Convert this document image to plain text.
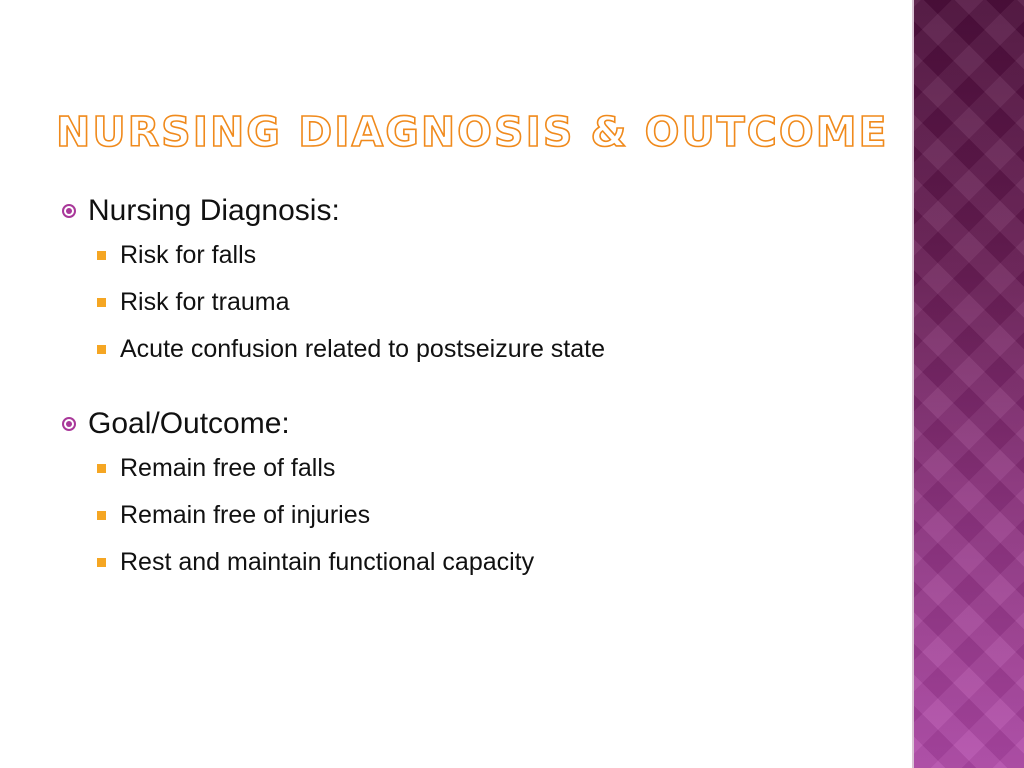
NURSING DIAGNOSIS & OUTCOME
Nursing Diagnosis:
Risk for falls
Risk for trauma
Acute confusion related to postseizure state
Goal/Outcome:
Remain free of falls
Remain free of injuries
Rest and maintain functional capacity
